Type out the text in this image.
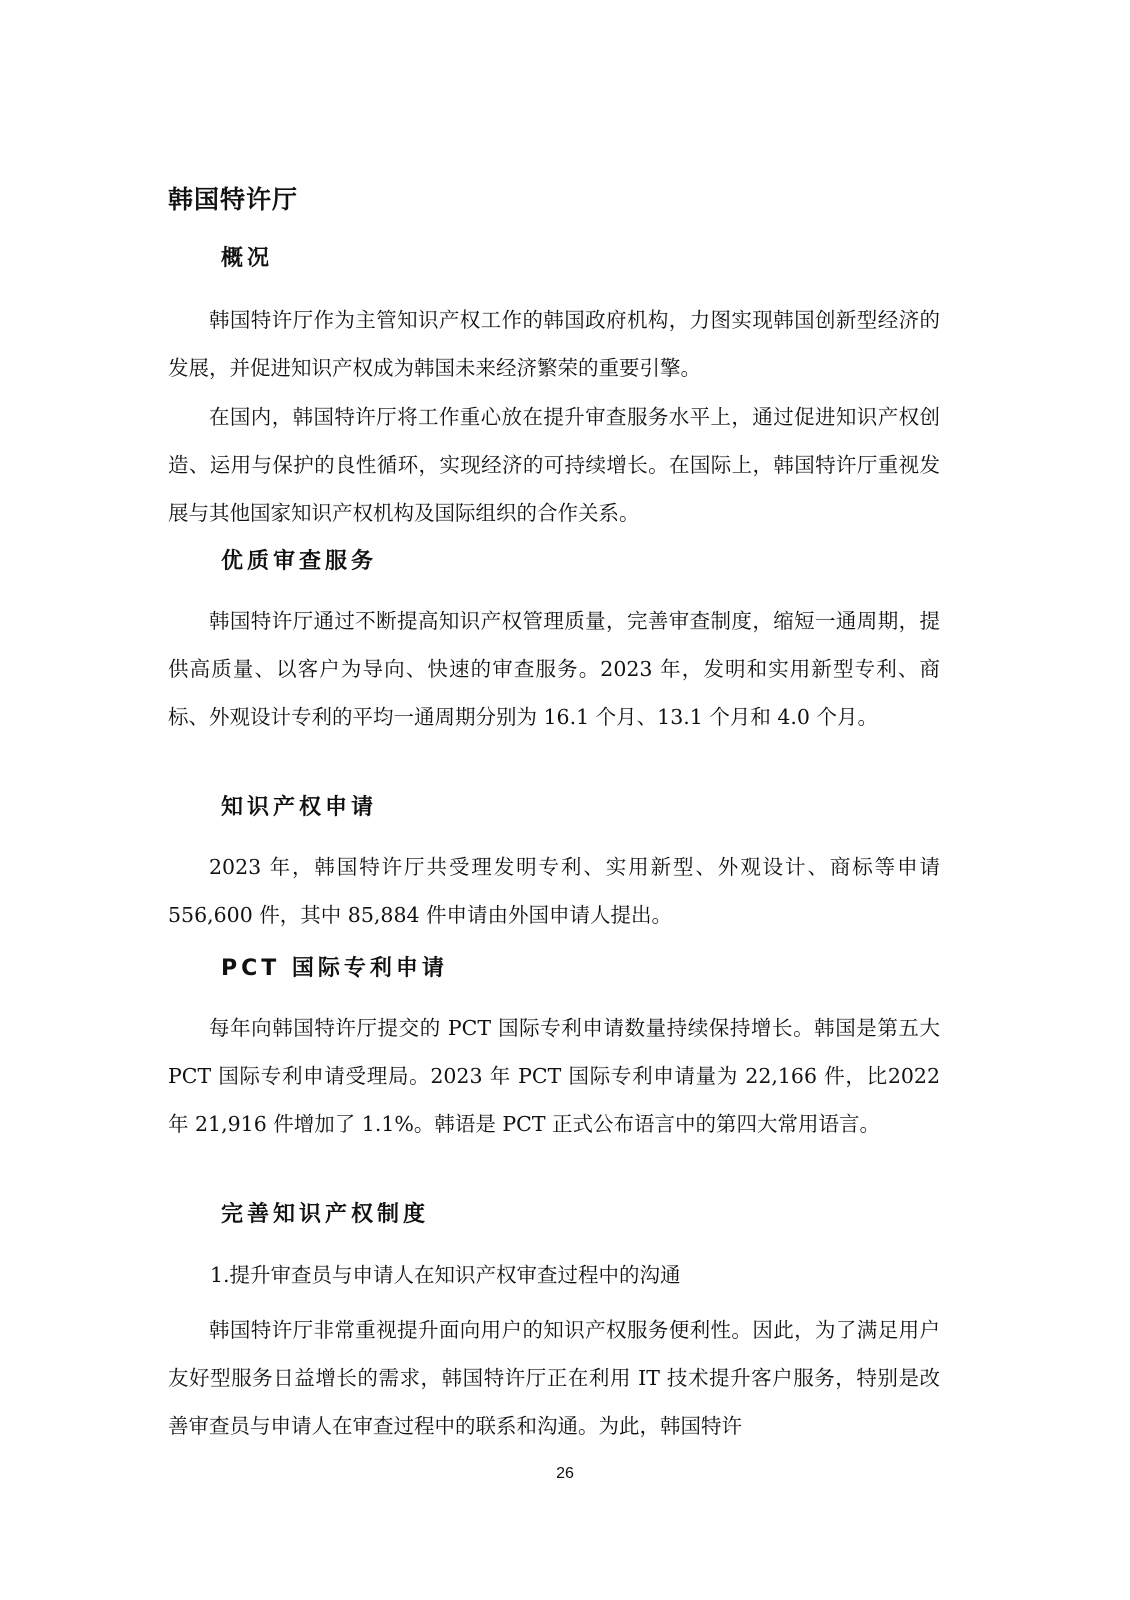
韩国特许厅
概况

韩国特许厅作为主管知识产权工作的韩国政府机构，力图实现韩国创新型经济的发展，并促进知识产权成为韩国未来经济繁荣的重要引擎。

在国内，韩国特许厅将工作重心放在提升审查服务水平上，通过促进知识产权创造、运用与保护的良性循环，实现经济的可持续增长。在国际上，韩国特许厅重视发展与其他国家知识产权机构及国际组织的合作关系。

优质审查服务

韩国特许厅通过不断提高知识产权管理质量，完善审查制度，缩短一通周期，提供高质量、以客户为导向、快速的审查服务。2023 年，发明和实用新型专利、商标、外观设计专利的平均一通周期分别为 16.1 个月、13.1 个月和 4.0 个月。

知识产权申请

2023 年，韩国特许厅共受理发明专利、实用新型、外观设计、商标等申请556,600 件，其中 85,884 件申请由外国申请人提出。

PCT 国际专利申请

每年向韩国特许厅提交的 PCT 国际专利申请数量持续保持增长。韩国是第五大 PCT 国际专利申请受理局。2023 年 PCT 国际专利申请量为 22,166 件，比2022 年 21,916 件增加了 1.1%。韩语是 PCT 正式公布语言中的第四大常用语言。

完善知识产权制度
1.提升审查员与申请人在知识产权审查过程中的沟通

韩国特许厅非常重视提升面向用户的知识产权服务便利性。因此，为了满足用户友好型服务日益增长的需求，韩国特许厅正在利用 IT 技术提升客户服务，特别是改善审查员与申请人在审查过程中的联系和沟通。为此，韩国特许

26
